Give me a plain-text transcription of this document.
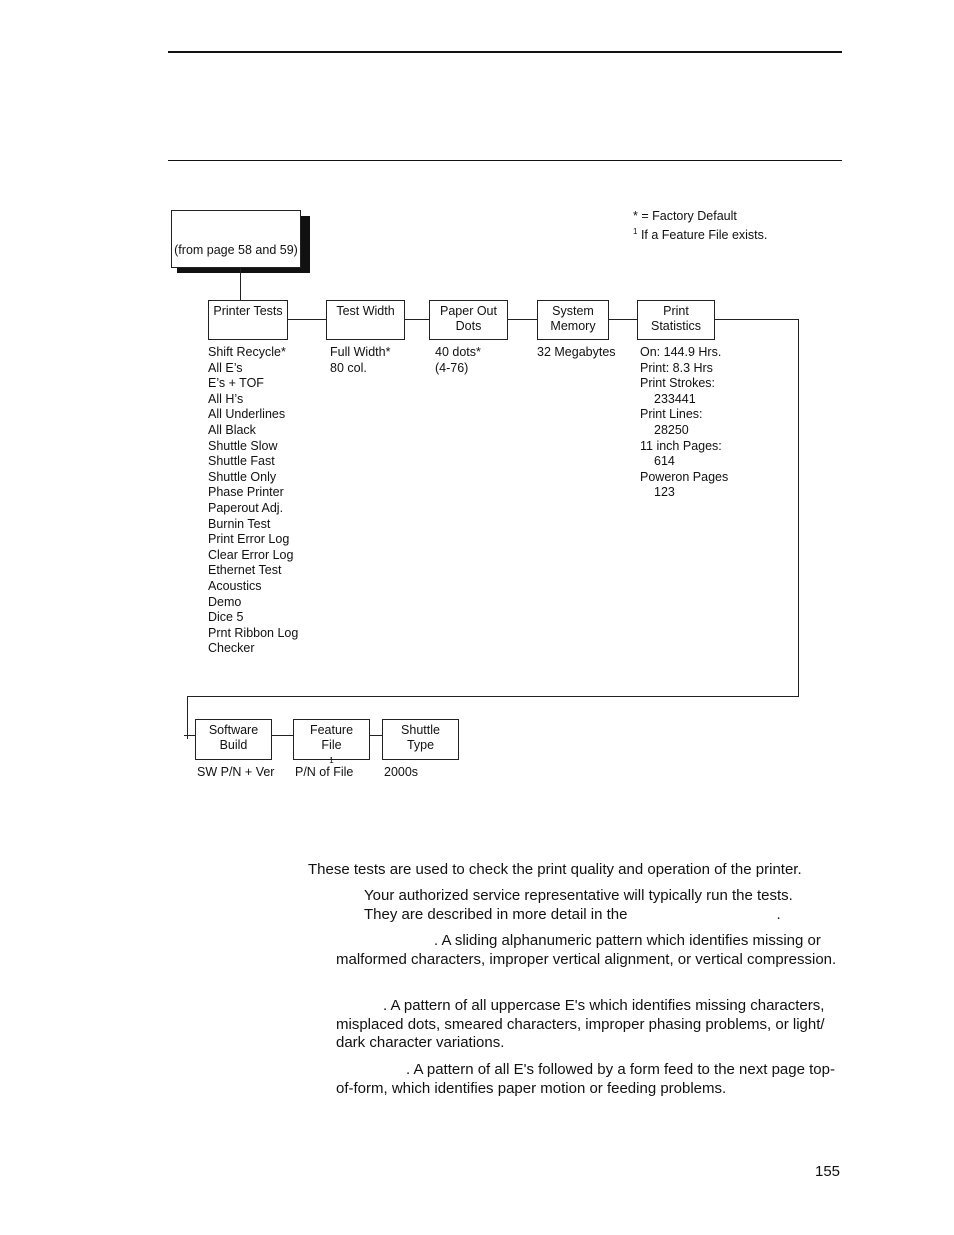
* = Factory Default
$^1$ If a Feature File exists.
(from page 58 and 59)
Printer Tests	Test Width	Paper Out
Dots
System
Memory
Print
Statistics
Shift Recycle*
All E’s
E’s + TOF
All H’s
All Underlines
All Black
Shuttle Slow
Shuttle Fast
Shuttle Only
Phase Printer
Paperout Adj.
Burnin Test
Print Error Log
Clear Error Log
Ethernet Test
Acoustics
Demo
Dice 5
Prnt Ribbon Log
Checker
Full Width*
80 col.
40 dots*
(4-76)
32 Megabytes On: 144.9 Hrs.
Print: 8.3 Hrs
Print Strokes:
233441
Print Lines:
28250
11 inch Pages:
614
Poweron Pages
123
Software
Build
Feature
File
$^1$
Shuttle
Type
SW P/N + Ver P/N of File 2000s
These tests are used to check the print quality and operation of the printer.
Your authorized service representative will typically run the tests.
They are described in more detail in the	.
. A sliding alphanumeric pattern which identifies missing or malformed characters, improper vertical alignment, or vertical compression.
. A pattern of all uppercase E's which identifies missing characters, misplaced dots, smeared characters, improper phasing problems, or light/ dark character variations.
. A pattern of all E's followed by a form feed to the next page top-of-form, which identifies paper motion or feeding problems.
155
